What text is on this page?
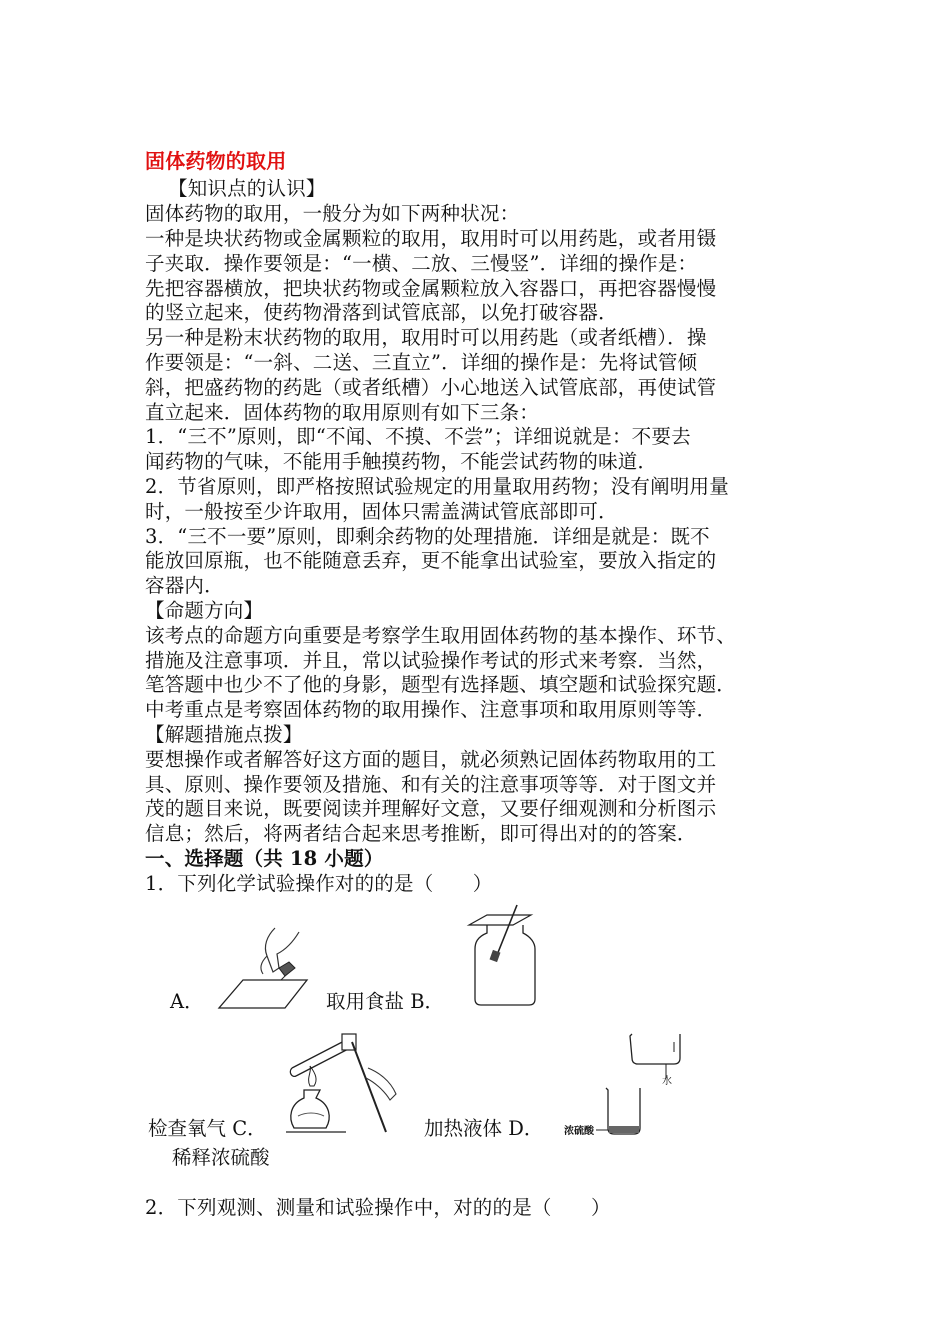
固体药物的取用
【知识点的认识】
固体药物的取用，一般分为如下两种状况：
一种是块状药物或金属颗粒的取用，取用时可以用药匙，或者用镊
子夹取．操作要领是：“一横、二放、三慢竖”．详细的操作是：
先把容器横放，把块状药物或金属颗粒放入容器口，再把容器慢慢
的竖立起来，使药物滑落到试管底部，以免打破容器．
另一种是粉末状药物的取用，取用时可以用药匙（或者纸槽）．操
作要领是：“一斜、二送、三直立”．详细的操作是：先将试管倾
斜，把盛药物的药匙（或者纸槽）小心地送入试管底部，再使试管
直立起来．固体药物的取用原则有如下三条：
1．“三不”原则，即“不闻、不摸、不尝”；详细说就是：不要去
闻药物的气味，不能用手触摸药物，不能尝试药物的味道．
2．节省原则，即严格按照试验规定的用量取用药物；没有阐明用量
时，一般按至少许取用，固体只需盖满试管底部即可．
3．“三不一要”原则，即剩余药物的处理措施．详细是就是：既不
能放回原瓶，也不能随意丢弃，更不能拿出试验室，要放入指定的
容器内．
【命题方向】
该考点的命题方向重要是考察学生取用固体药物的基本操作、环节、
措施及注意事项．并且，常以试验操作考试的形式来考察．当然，
笔答题中也少不了他的身影，题型有选择题、填空题和试验探究题．
中考重点是考察固体药物的取用操作、注意事项和取用原则等等．
【解题措施点拨】
要想操作或者解答好这方面的题目，就必须熟记固体药物取用的工
具、原则、操作要领及措施、和有关的注意事项等等．对于图文并
茂的题目来说，既要阅读并理解好文意，又要仔细观测和分析图示
信息；然后，将两者结合起来思考推断，即可得出对的的答案．
一、选择题（共 18 小题）
1．下列化学试验操作对的的是（　　）
A．	取用食盐 B．
检查氧气 C．	加热液体 D．
水
浓硫酸
稀释浓硫酸
2．下列观测、测量和试验操作中，对的的是（　　）
